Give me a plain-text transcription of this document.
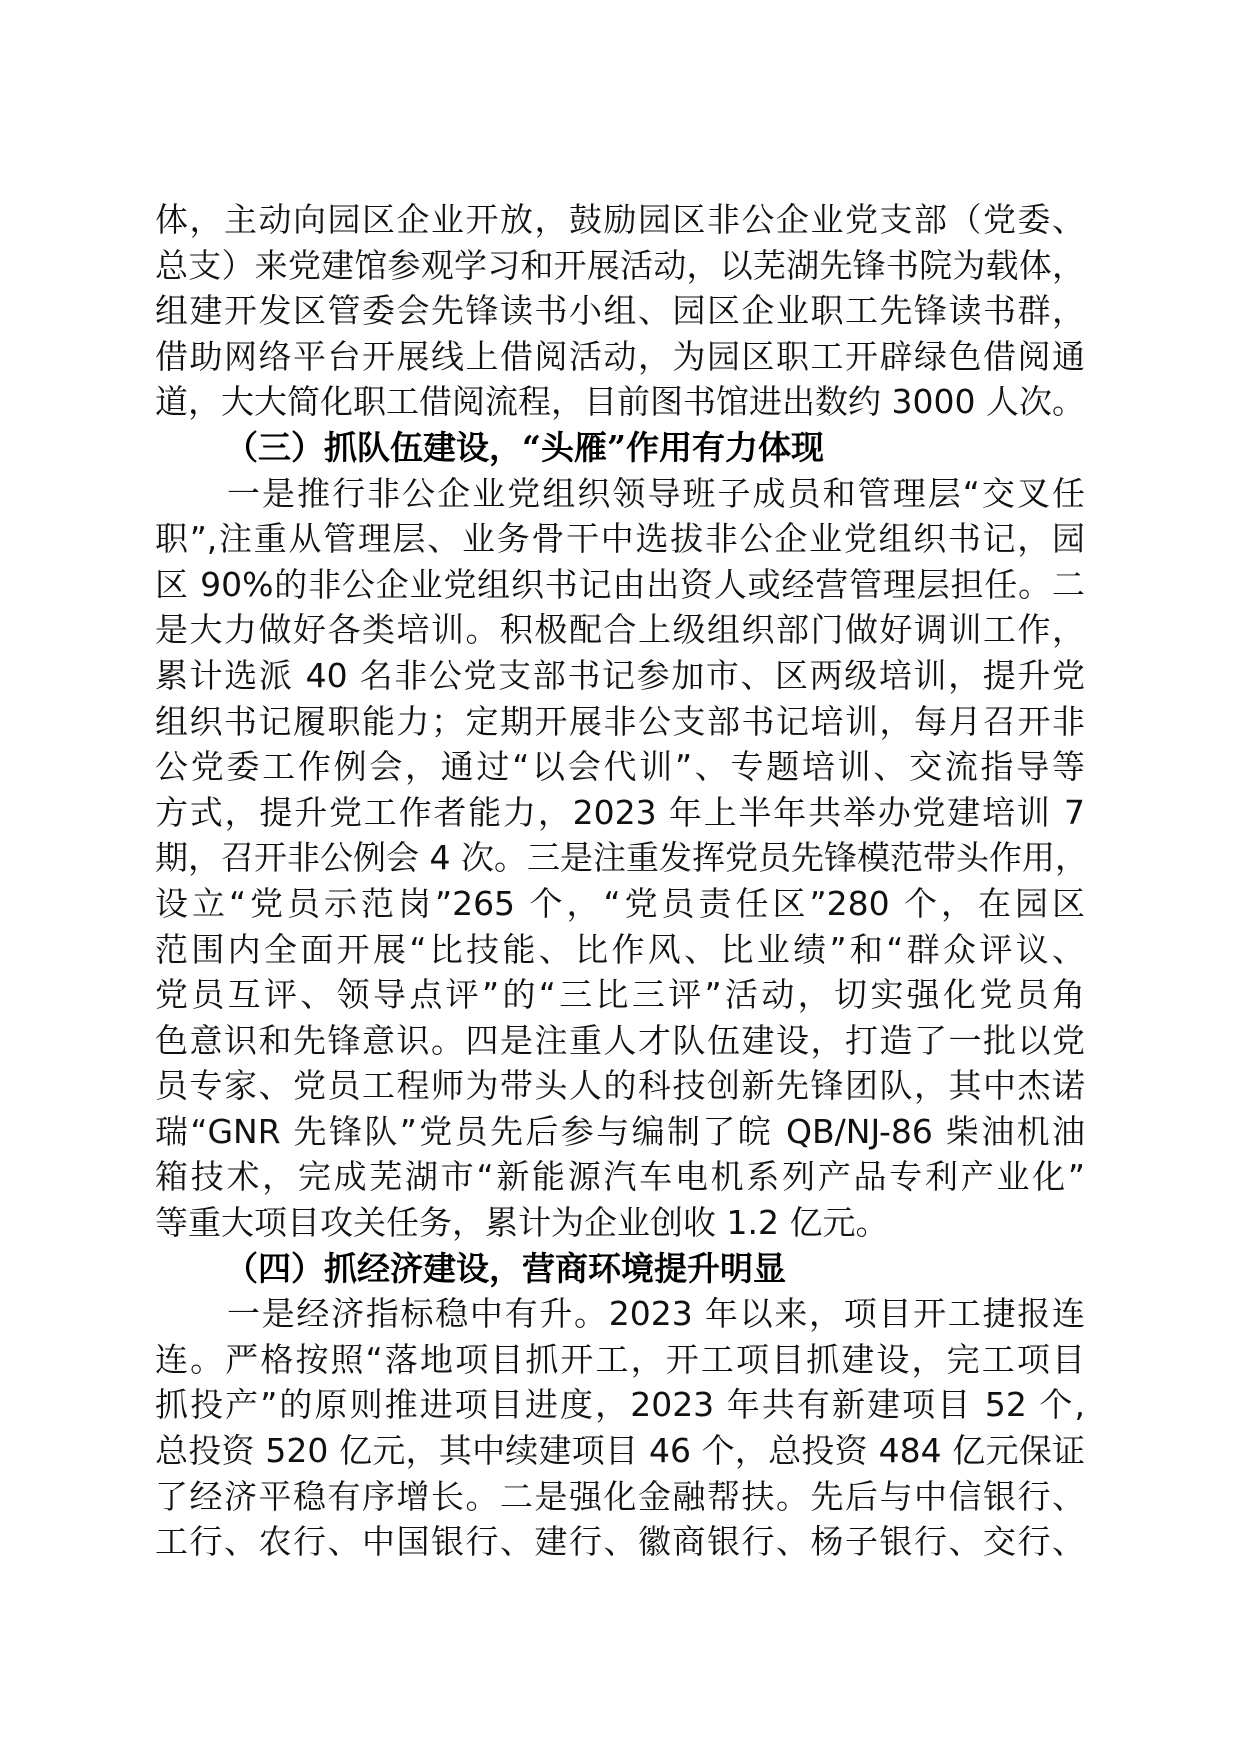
体，主动向园区企业开放，鼓励园区非公企业党支部（党委、
总支）来党建馆参观学习和开展活动，以芜湖先锋书院为载体，
组建开发区管委会先锋读书小组、园区企业职工先锋读书群，
借助网络平台开展线上借阅活动，为园区职工开辟绿色借阅通
道，大大简化职工借阅流程，目前图书馆进出数约 3000 人次。
（三）抓队伍建设，“头雁”作用有力体现
一是推行非公企业党组织领导班子成员和管理层“交叉任
职”,注重从管理层、业务骨干中选拔非公企业党组织书记，园
区 90%的非公企业党组织书记由出资人或经营管理层担任。二
是大力做好各类培训。积极配合上级组织部门做好调训工作，
累计选派 40 名非公党支部书记参加市、区两级培训，提升党
组织书记履职能力；定期开展非公支部书记培训，每月召开非
公党委工作例会，通过“以会代训”、专题培训、交流指导等
方式，提升党工作者能力，2023 年上半年共举办党建培训 7
期，召开非公例会 4 次。三是注重发挥党员先锋模范带头作用，
设立“党员示范岗”265 个，“党员责任区”280 个，在园区
范围内全面开展“比技能、比作风、比业绩”和“群众评议、
党员互评、领导点评”的“三比三评”活动，切实强化党员角
色意识和先锋意识。四是注重人才队伍建设，打造了一批以党
员专家、党员工程师为带头人的科技创新先锋团队，其中杰诺
瑞“GNR 先锋队”党员先后参与编制了皖 QB/NJ-86 柴油机油
箱技术，完成芜湖市“新能源汽车电机系列产品专利产业化”
等重大项目攻关任务，累计为企业创收 1.2 亿元。
（四）抓经济建设，营商环境提升明显
一是经济指标稳中有升。2023 年以来，项目开工捷报连
连。严格按照“落地项目抓开工，开工项目抓建设，完工项目
抓投产”的原则推进项目进度，2023 年共有新建项目 52 个,
总投资 520 亿元，其中续建项目 46 个，总投资 484 亿元保证
了经济平稳有序增长。二是强化金融帮扶。先后与中信银行、
工行、农行、中国银行、建行、徽商银行、杨子银行、交行、
